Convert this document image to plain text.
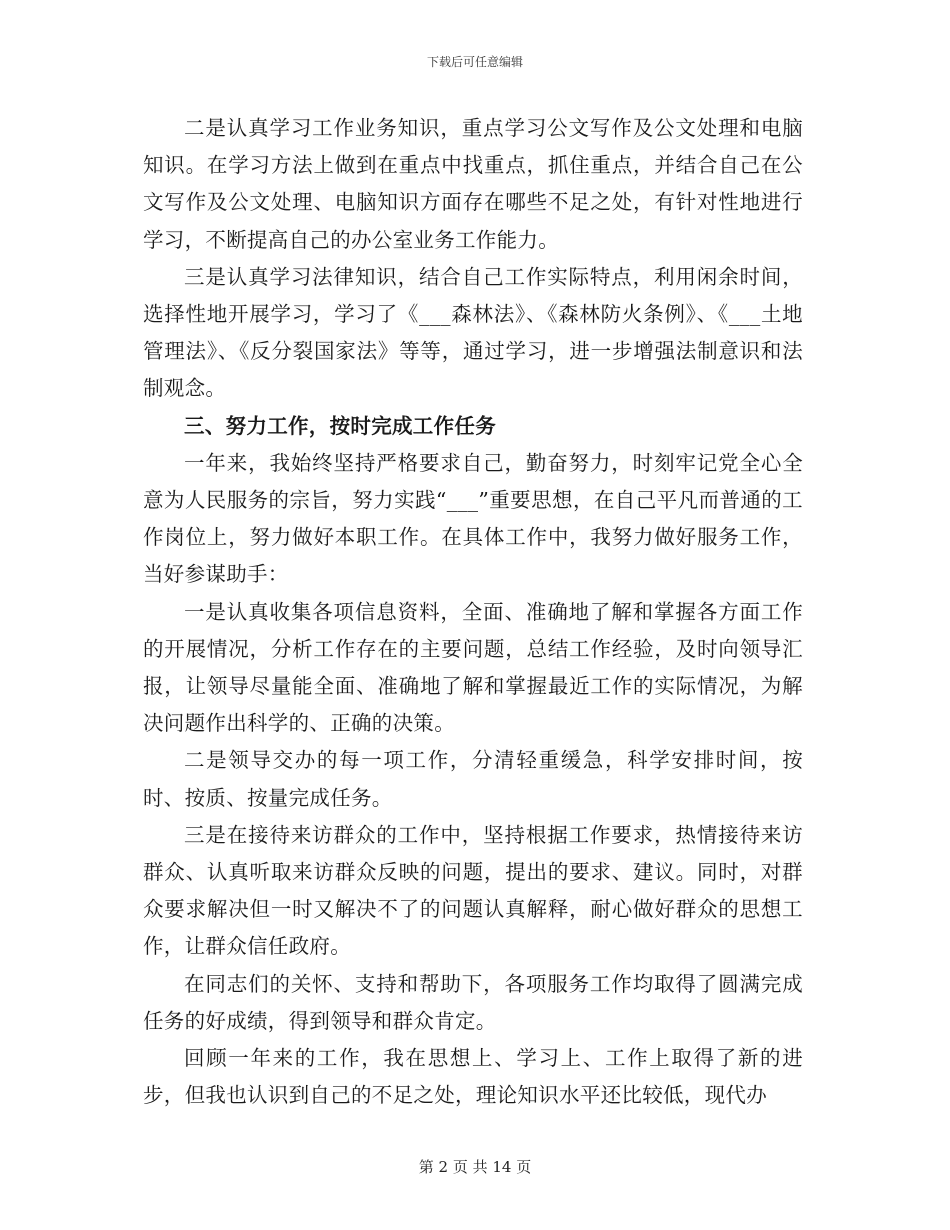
下载后可任意编辑

二是认真学习工作业务知识，重点学习公文写作及公文处理和电脑知识。在学习方法上做到在重点中找重点，抓住重点，并结合自己在公文写作及公文处理、电脑知识方面存在哪些不足之处，有针对性地进行学习，不断提高自己的办公室业务工作能力。

三是认真学习法律知识，结合自己工作实际特点，利用闲余时间，选择性地开展学习，学习了《___森林法》、《森林防火条例》、《___土地管理法》、《反分裂国家法》等等，通过学习，进一步增强法制意识和法制观念。

三、努力工作，按时完成工作任务

一年来，我始终坚持严格要求自己，勤奋努力，时刻牢记党全心全意为人民服务的宗旨，努力实践“___”重要思想，在自己平凡而普通的工作岗位上，努力做好本职工作。在具体工作中，我努力做好服务工作，当好参谋助手：

一是认真收集各项信息资料，全面、准确地了解和掌握各方面工作的开展情况，分析工作存在的主要问题，总结工作经验，及时向领导汇报，让领导尽量能全面、准确地了解和掌握最近工作的实际情况，为解决问题作出科学的、正确的决策。

二是领导交办的每一项工作，分清轻重缓急，科学安排时间，按时、按质、按量完成任务。

三是在接待来访群众的工作中，坚持根据工作要求，热情接待来访群众、认真听取来访群众反映的问题，提出的要求、建议。同时，对群众要求解决但一时又解决不了的问题认真解释，耐心做好群众的思想工作，让群众信任政府。

在同志们的关怀、支持和帮助下，各项服务工作均取得了圆满完成任务的好成绩，得到领导和群众肯定。

回顾一年来的工作，我在思想上、学习上、工作上取得了新的进步，但我也认识到自己的不足之处，理论知识水平还比较低，现代办

第 2 页 共 14 页
